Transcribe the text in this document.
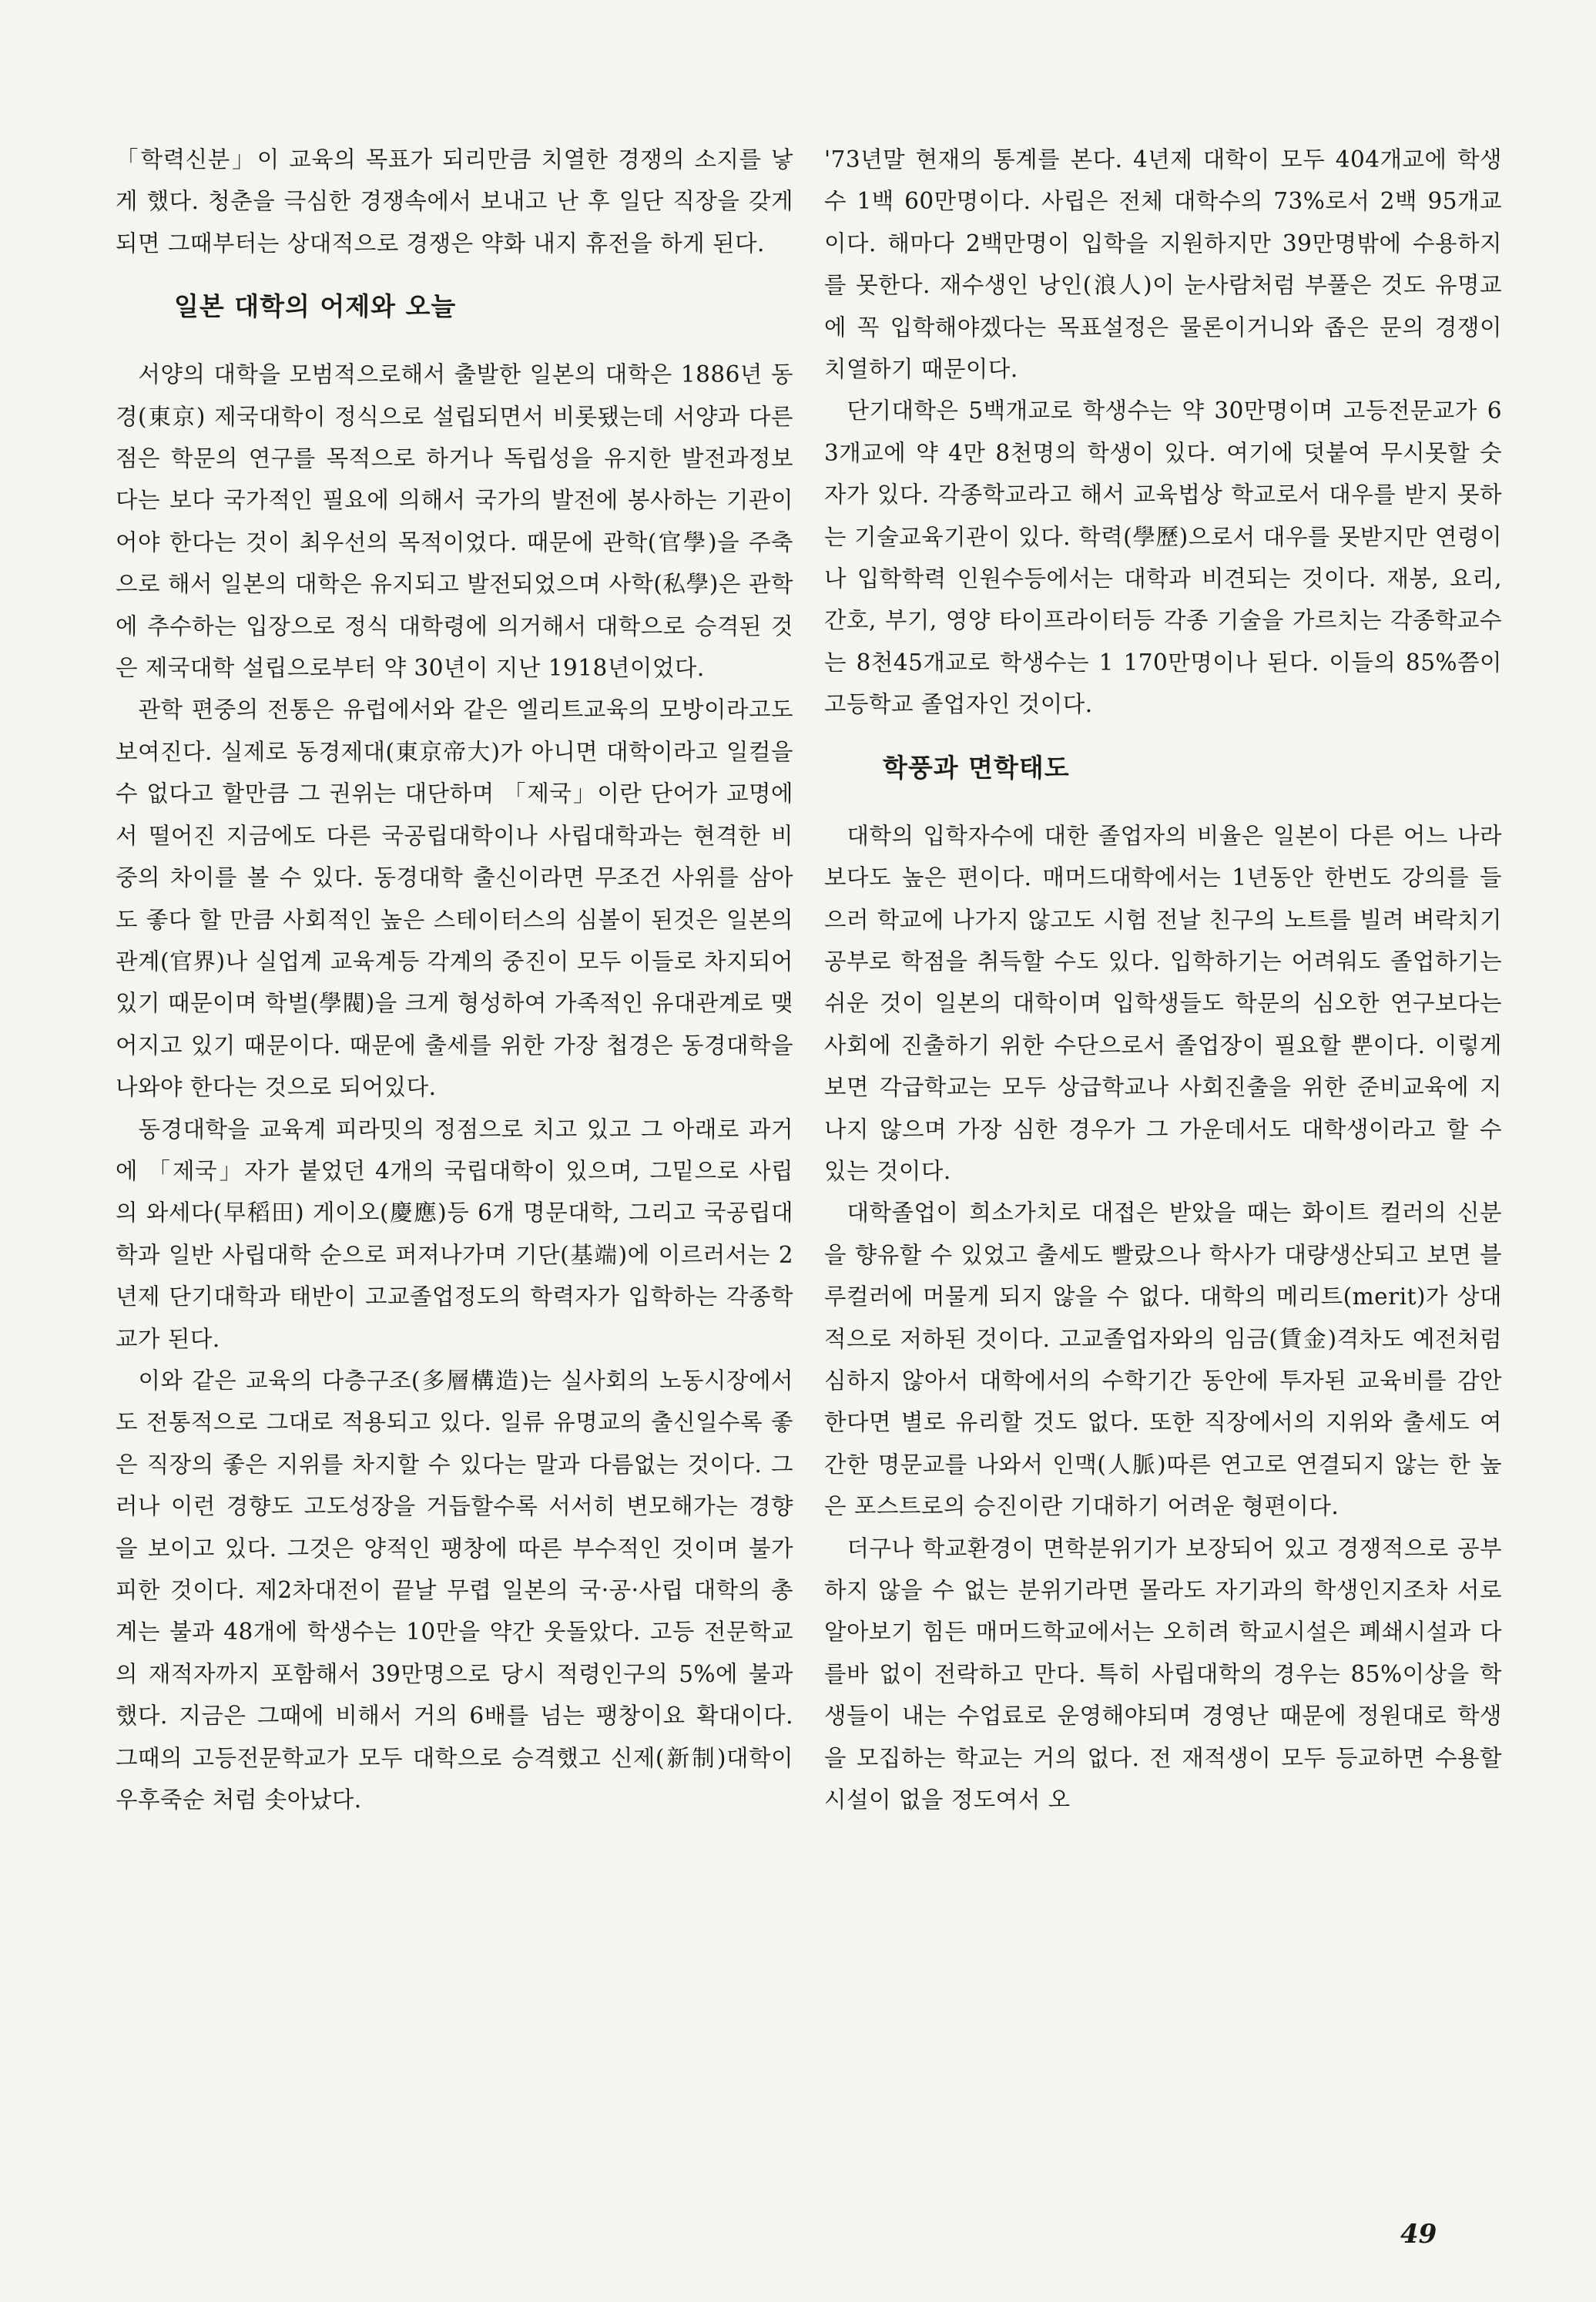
「학력신분」이 교육의 목표가 되리만큼 치열한 경쟁의 소지를 낳게 했다. 청춘을 극심한 경쟁속에서 보내고 난 후 일단 직장을 갖게 되면 그때부터는 상대적으로 경쟁은 약화 내지 휴전을 하게 된다.

일본 대학의 어제와 오늘

서양의 대학을 모범적으로해서 출발한 일본의 대학은 1886년 동경(東京) 제국대학이 정식으로 설립되면서 비롯됐는데 서양과 다른 점은 학문의 연구를 목적으로 하거나 독립성을 유지한 발전과정보다는 보다 국가적인 필요에 의해서 국가의 발전에 봉사하는 기관이어야 한다는 것이 최우선의 목적이었다. 때문에 관학(官學)을 주축으로 해서 일본의 대학은 유지되고 발전되었으며 사학(私學)은 관학에 추수하는 입장으로 정식 대학령에 의거해서 대학으로 승격된 것은 제국대학 설립으로부터 약 30년이 지난 1918년이었다.

관학 편중의 전통은 유럽에서와 같은 엘리트교육의 모방이라고도 보여진다. 실제로 동경제대(東京帝大)가 아니면 대학이라고 일컬을수 없다고 할만큼 그 권위는 대단하며 「제국」이란 단어가 교명에서 떨어진 지금에도 다른 국공립대학이나 사립대학과는 현격한 비중의 차이를 볼 수 있다. 동경대학 출신이라면 무조건 사위를 삼아도 좋다 할 만큼 사회적인 높은 스테이터스의 심볼이 된것은 일본의 관계(官界)나 실업계 교육계등 각계의 중진이 모두 이들로 차지되어 있기 때문이며 학벌(學閥)을 크게 형성하여 가족적인 유대관계로 맺어지고 있기 때문이다. 때문에 출세를 위한 가장 첩경은 동경대학을 나와야 한다는 것으로 되어있다.

동경대학을 교육계 피라밋의 정점으로 치고 있고 그 아래로 과거에 「제국」자가 붙었던 4개의 국립대학이 있으며, 그밑으로 사립의 와세다(早稻田) 게이오(慶應)등 6개 명문대학, 그리고 국공립대학과 일반 사립대학 순으로 퍼져나가며 기단(基端)에 이르러서는 2년제 단기대학과 태반이 고교졸업정도의 학력자가 입학하는 각종학교가 된다.

이와 같은 교육의 다층구조(多層構造)는 실사회의 노동시장에서도 전통적으로 그대로 적용되고 있다. 일류 유명교의 출신일수록 좋은 직장의 좋은 지위를 차지할 수 있다는 말과 다름없는 것이다. 그러나 이런 경향도 고도성장을 거듭할수록 서서히 변모해가는 경향을 보이고 있다. 그것은 양적인 팽창에 따른 부수적인 것이며 불가피한 것이다. 제2차대전이 끝날 무렵 일본의 국·공·사립 대학의 총계는 불과 48개에 학생수는 10만을 약간 웃돌았다. 고등 전문학교의 재적자까지 포함해서 39만명으로 당시 적령인구의 5%에 불과했다. 지금은 그때에 비해서 거의 6배를 넘는 팽창이요 확대이다. 그때의 고등전문학교가 모두 대학으로 승격했고 신제(新制)대학이 우후죽순 처럼 솟아났다.

'73년말 현재의 통계를 본다. 4년제 대학이 모두 404개교에 학생수 1백 60만명이다. 사립은 전체 대학수의 73%로서 2백 95개교이다. 해마다 2백만명이 입학을 지원하지만 39만명밖에 수용하지를 못한다. 재수생인 낭인(浪人)이 눈사람처럼 부풀은 것도 유명교에 꼭 입학해야겠다는 목표설정은 물론이거니와 좁은 문의 경쟁이 치열하기 때문이다.

단기대학은 5백개교로 학생수는 약 30만명이며 고등전문교가 63개교에 약 4만 8천명의 학생이 있다. 여기에 덧붙여 무시못할 숫자가 있다. 각종학교라고 해서 교육법상 학교로서 대우를 받지 못하는 기술교육기관이 있다. 학력(學歷)으로서 대우를 못받지만 연령이나 입학학력 인원수등에서는 대학과 비견되는 것이다. 재봉, 요리, 간호, 부기, 영양 타이프라이터등 각종 기술을 가르치는 각종학교수는 8천45개교로 학생수는 1 170만명이나 된다. 이들의 85%쯤이 고등학교 졸업자인 것이다.

학풍과 면학태도

대학의 입학자수에 대한 졸업자의 비율은 일본이 다른 어느 나라보다도 높은 편이다. 매머드대학에서는 1년동안 한번도 강의를 들으러 학교에 나가지 않고도 시험 전날 친구의 노트를 빌려 벼락치기공부로 학점을 취득할 수도 있다. 입학하기는 어려워도 졸업하기는 쉬운 것이 일본의 대학이며 입학생들도 학문의 심오한 연구보다는 사회에 진출하기 위한 수단으로서 졸업장이 필요할 뿐이다. 이렇게 보면 각급학교는 모두 상급학교나 사회진출을 위한 준비교육에 지나지 않으며 가장 심한 경우가 그 가운데서도 대학생이라고 할 수 있는 것이다.

대학졸업이 희소가치로 대접은 받았을 때는 화이트 컬러의 신분을 향유할 수 있었고 출세도 빨랐으나 학사가 대량생산되고 보면 블루컬러에 머물게 되지 않을 수 없다. 대학의 메리트(merit)가 상대적으로 저하된 것이다. 고교졸업자와의 임금(賃金)격차도 예전처럼 심하지 않아서 대학에서의 수학기간 동안에 투자된 교육비를 감안한다면 별로 유리할 것도 없다. 또한 직장에서의 지위와 출세도 여간한 명문교를 나와서 인맥(人脈)따른 연고로 연결되지 않는 한 높은 포스트로의 승진이란 기대하기 어려운 형편이다.

더구나 학교환경이 면학분위기가 보장되어 있고 경쟁적으로 공부하지 않을 수 없는 분위기라면 몰라도 자기과의 학생인지조차 서로 알아보기 힘든 매머드학교에서는 오히려 학교시설은 폐쇄시설과 다를바 없이 전락하고 만다. 특히 사립대학의 경우는 85%이상을 학생들이 내는 수업료로 운영해야되며 경영난 때문에 정원대로 학생을 모집하는 학교는 거의 없다. 전 재적생이 모두 등교하면 수용할 시설이 없을 정도여서 오

49
